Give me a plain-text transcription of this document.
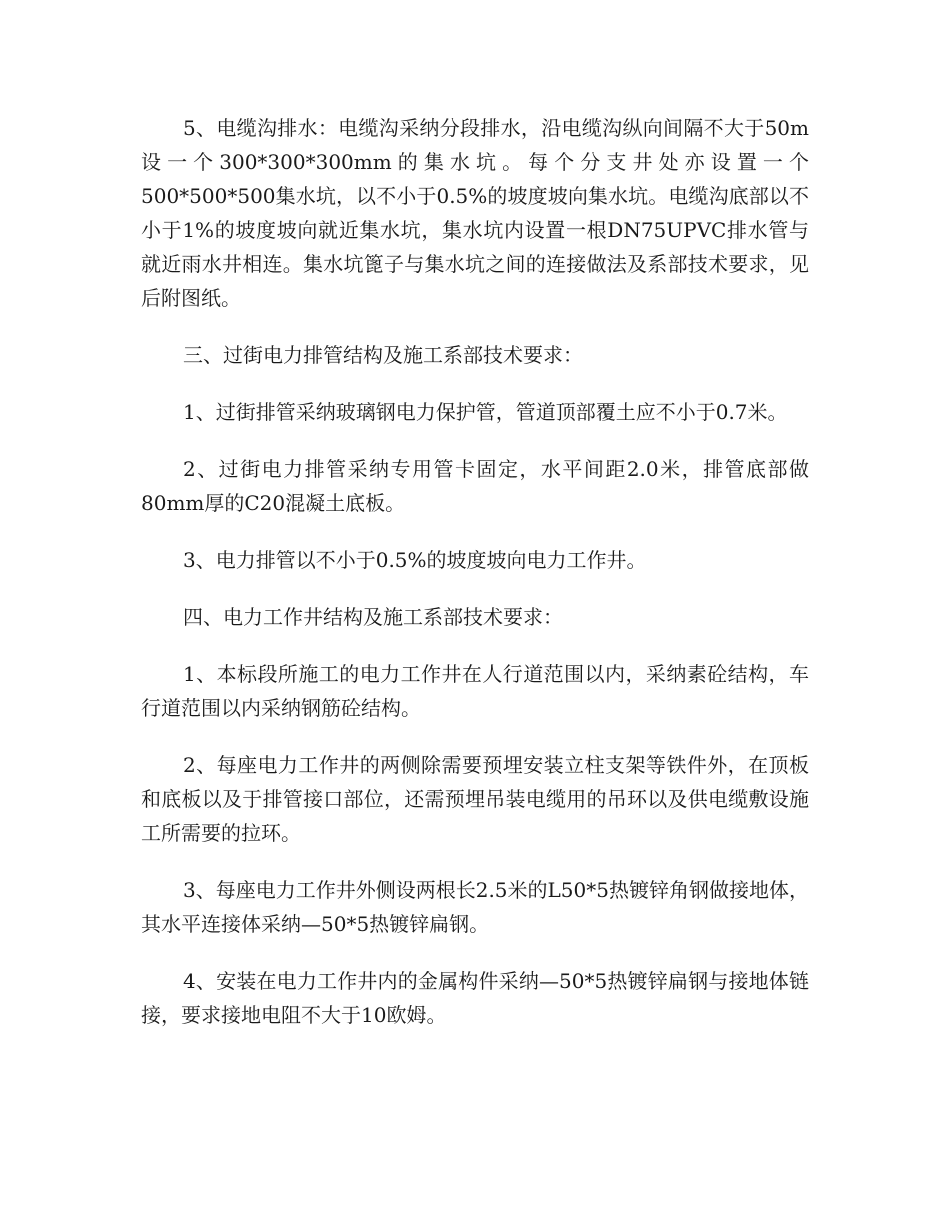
5、电缆沟排水：电缆沟采纳分段排水，沿电缆沟纵向间隔不大于50m设一个300*300*300mm的集水坑。每个分支井处亦设置一个500*500*500集水坑，以不小于0.5%的坡度坡向集水坑。电缆沟底部以不小于1%的坡度坡向就近集水坑，集水坑内设置一根DN75UPVC排水管与就近雨水井相连。集水坑篦子与集水坑之间的连接做法及系部技术要求，见后附图纸。

三、过街电力排管结构及施工系部技术要求：

1、过街排管采纳玻璃钢电力保护管，管道顶部覆土应不小于0.7米。

2、过街电力排管采纳专用管卡固定，水平间距2.0米，排管底部做80mm厚的C20混凝土底板。

3、电力排管以不小于0.5%的坡度坡向电力工作井。

四、电力工作井结构及施工系部技术要求：

1、本标段所施工的电力工作井在人行道范围以内，采纳素砼结构，车行道范围以内采纳钢筋砼结构。

2、每座电力工作井的两侧除需要预埋安装立柱支架等铁件外，在顶板和底板以及于排管接口部位，还需预埋吊装电缆用的吊环以及供电缆敷设施工所需要的拉环。

3、每座电力工作井外侧设两根长2.5米的L50*5热镀锌角钢做接地体，其水平连接体采纳—50*5热镀锌扁钢。

4、安装在电力工作井内的金属构件采纳—50*5热镀锌扁钢与接地体链接，要求接地电阻不大于10欧姆。
